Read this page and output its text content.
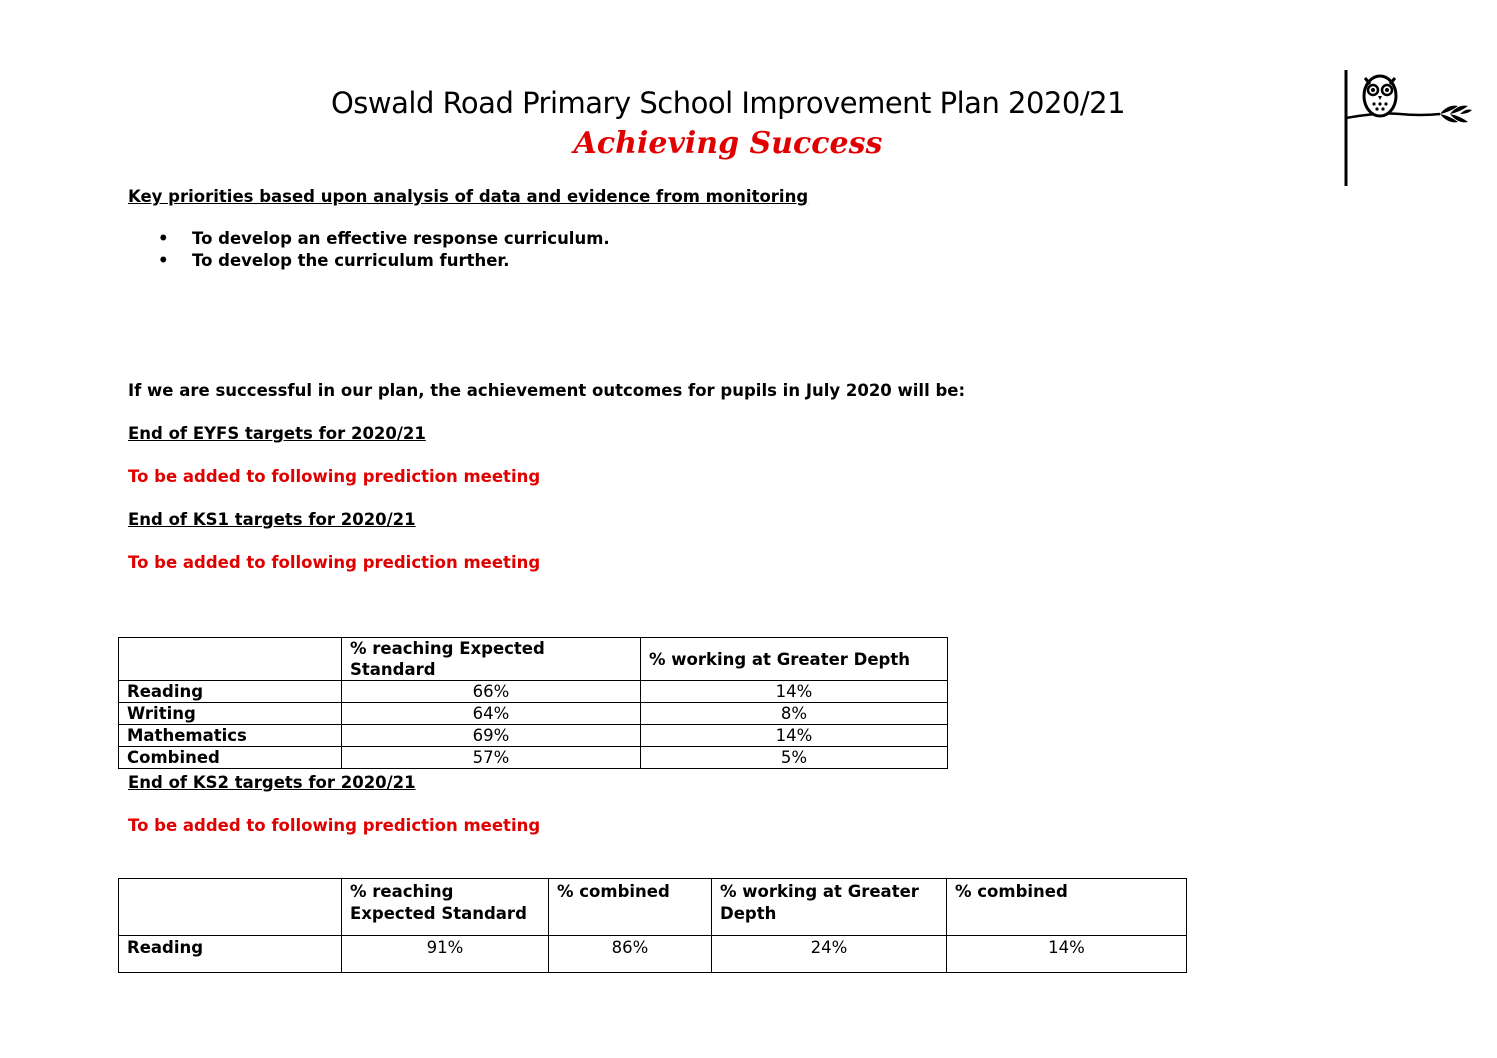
Oswald Road Primary School Improvement Plan 2020/21
Achieving Success
Key priorities based upon analysis of data and evidence from monitoring
• To develop an effective response curriculum.
• To develop the curriculum further.
If we are successful in our plan, the achievement outcomes for pupils in July 2020 will be:
End of EYFS targets for 2020/21
To be added to following prediction meeting
End of KS1 targets for 2020/21
To be added to following prediction meeting
	% reaching Expected Standard	% working at Greater Depth
Reading	66%	14%
Writing	64%	8%
Mathematics	69%	14%
Combined	57%	5%
End of KS2 targets for 2020/21
To be added to following prediction meeting
	% reaching Expected Standard	% combined	% working at Greater Depth	% combined
Reading	91%	86%	24%	14%
